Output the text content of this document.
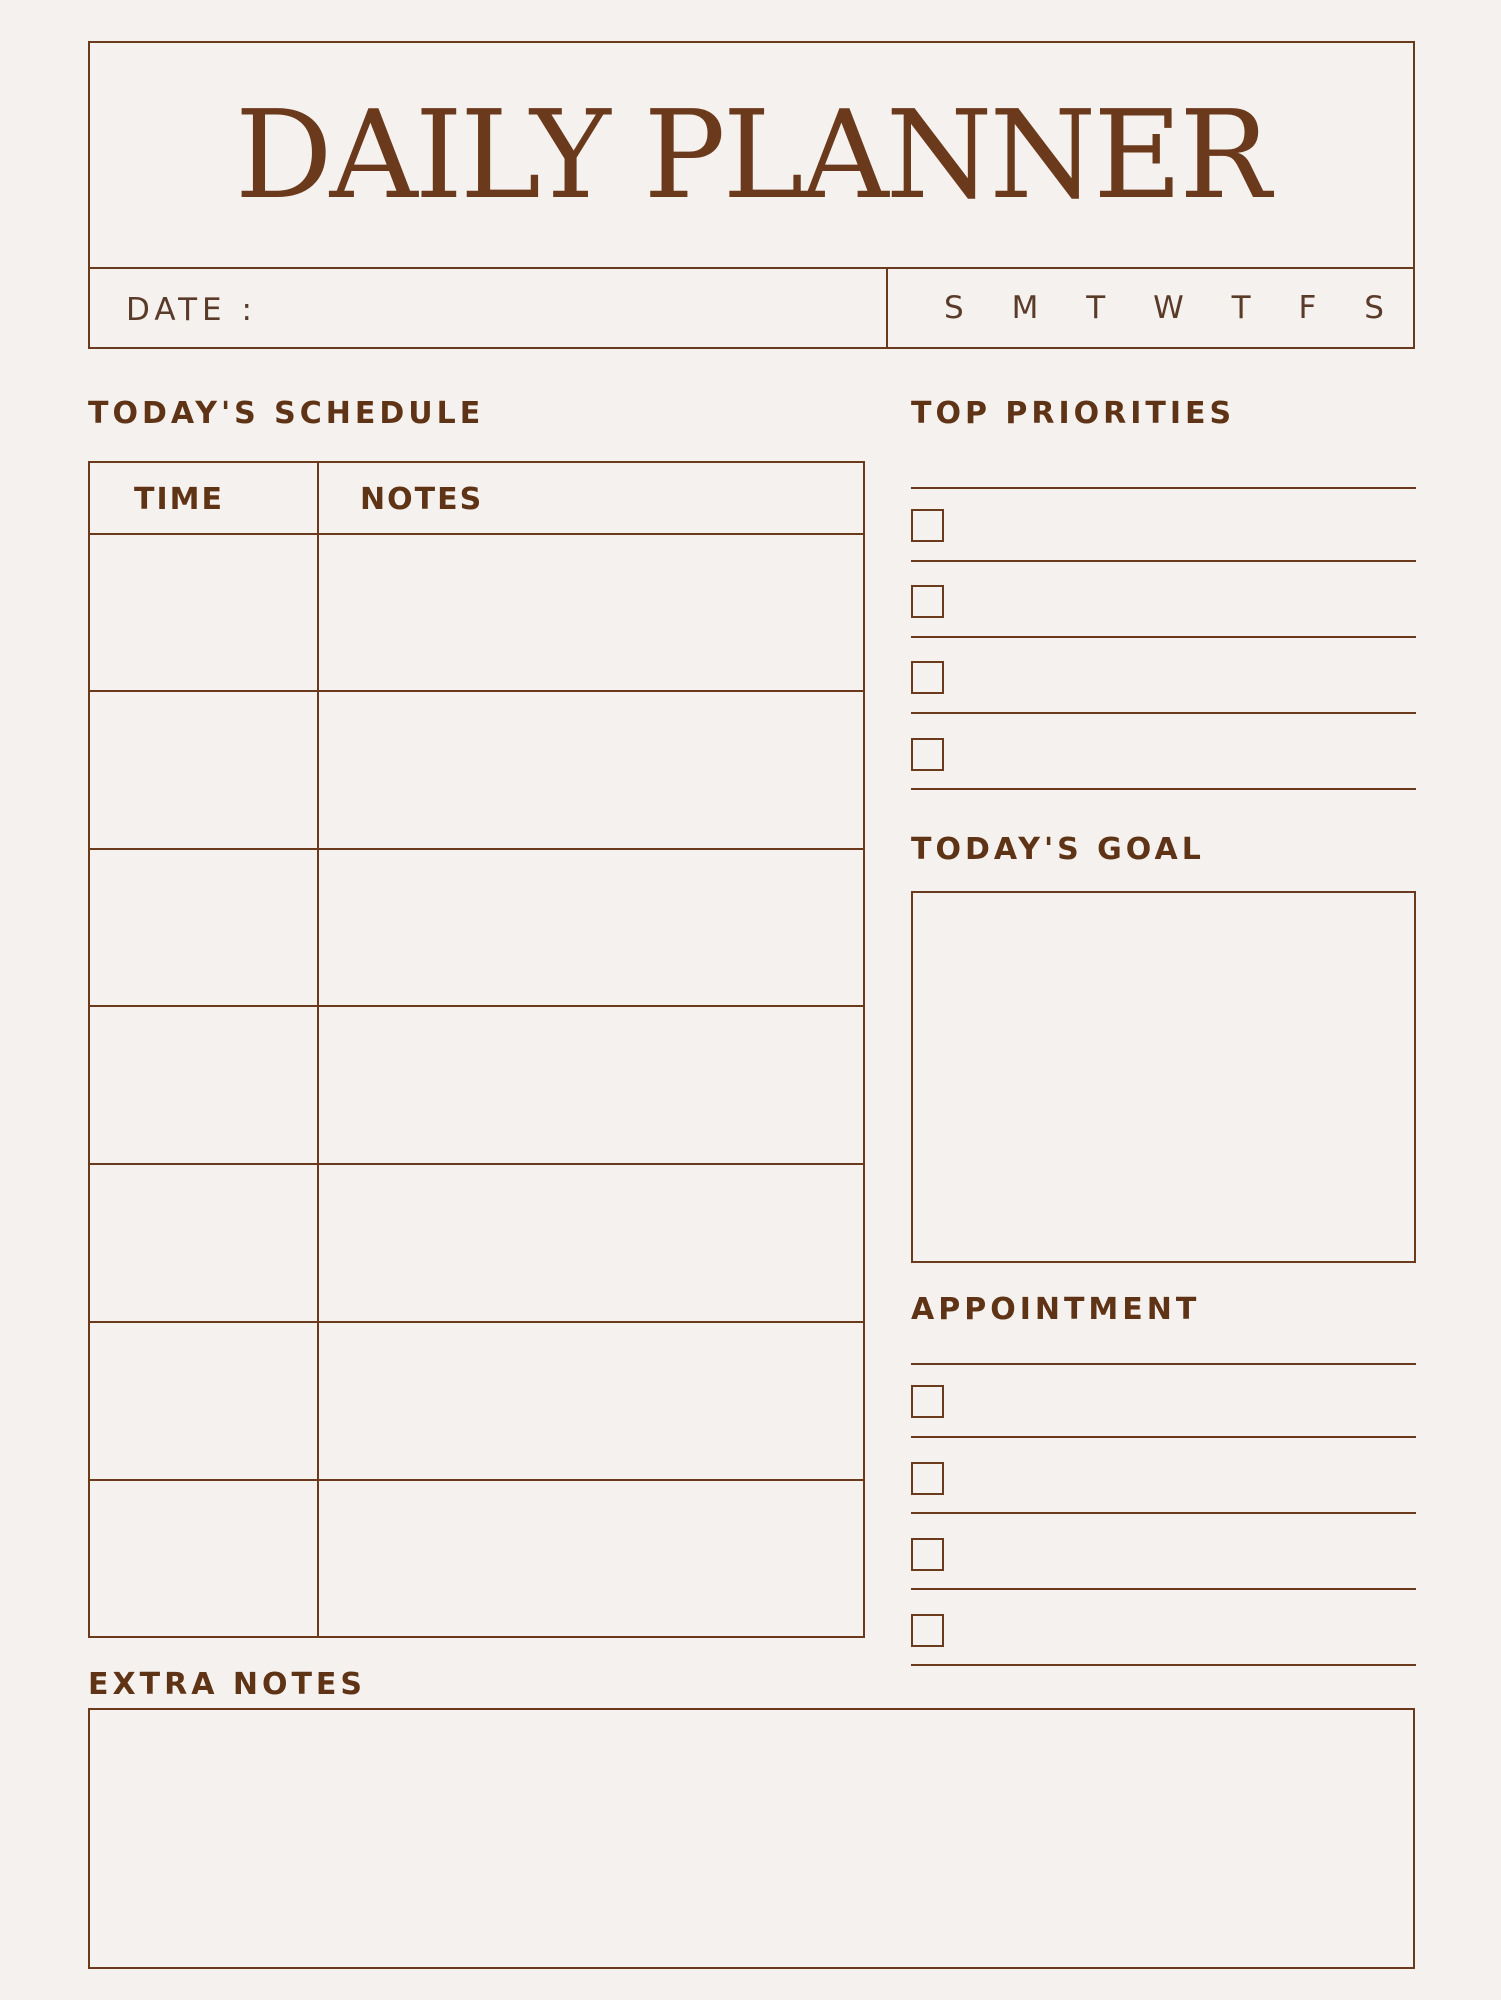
DAILY PLANNER
DATE :	S M T W T F S
TODAY'S SCHEDULE
TIME	NOTES
TOP PRIORITIES
TODAY'S GOAL
APPOINTMENT
EXTRA NOTES
